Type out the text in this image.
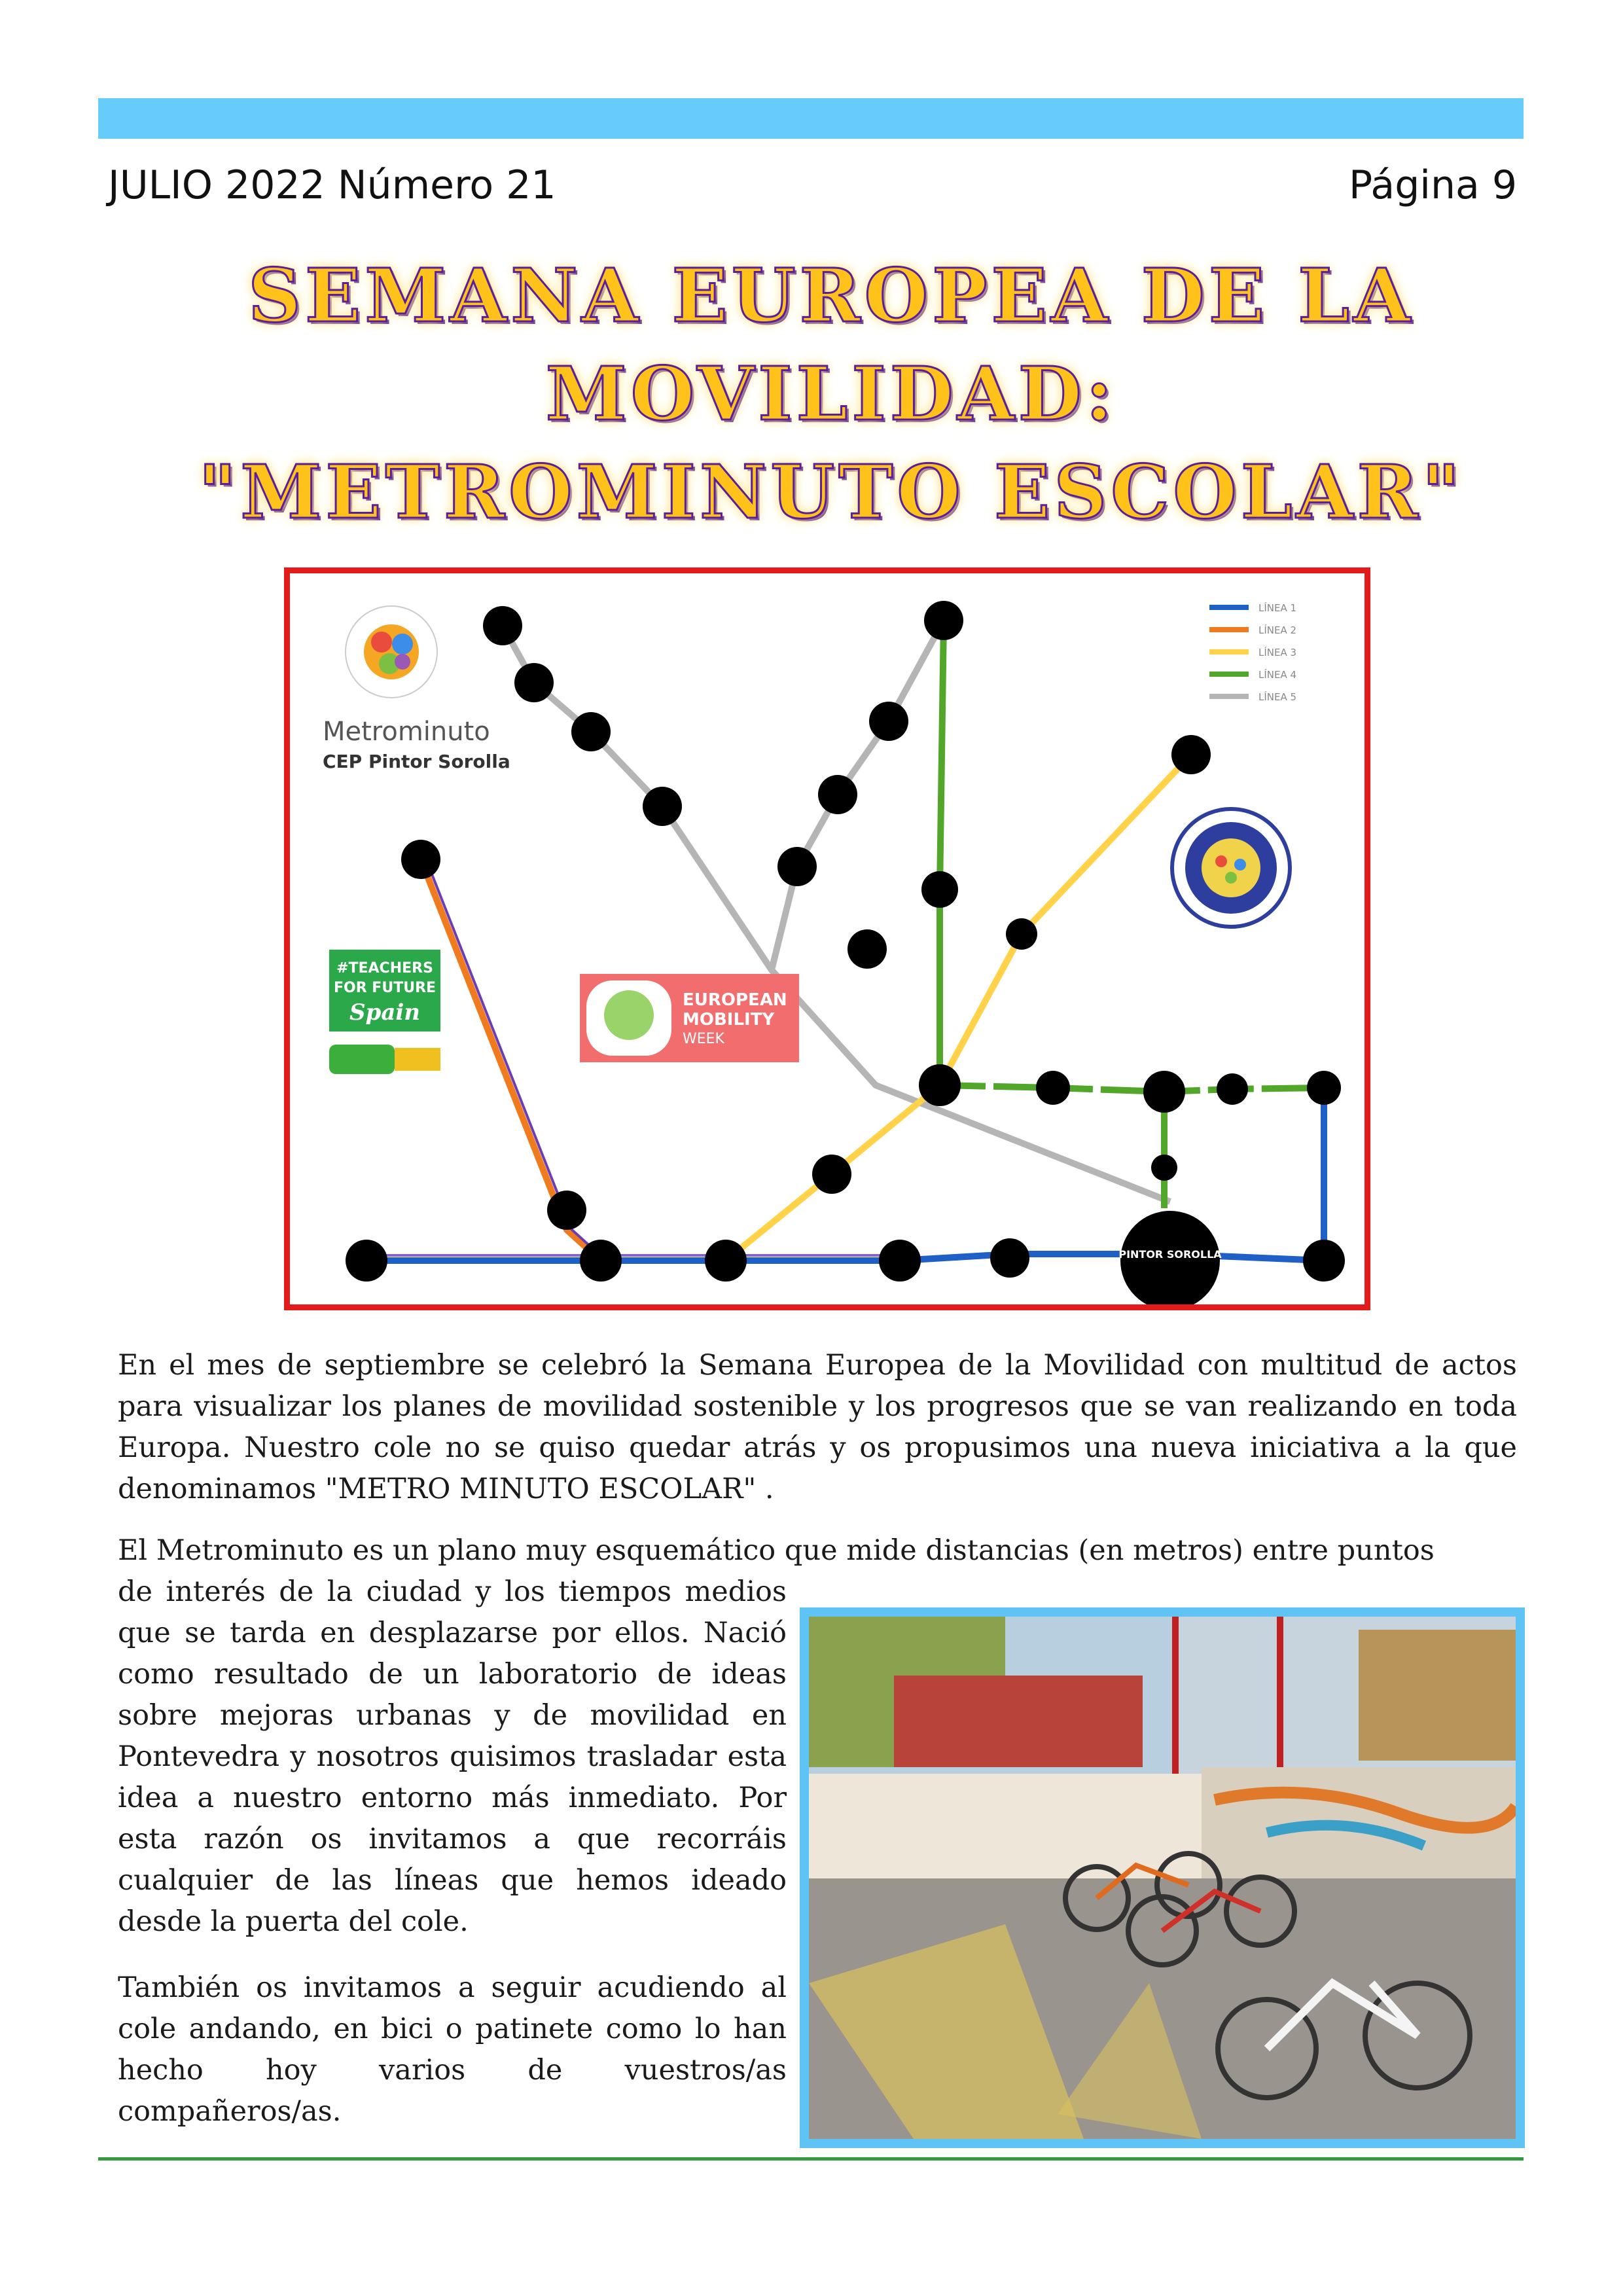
JULIO 2022 Número 21	Página 9
SEMANA EUROPEA DE LA
MOVILIDAD:
"METROMINUTO ESCOLAR"
Metrominuto
CEP Pintor Sorolla
LÍNEA 1
LÍNEA 2
LÍNEA 3
LÍNEA 4
LÍNEA 5
PINTOR SOROLLA
#TEACHERS
FOR FUTURE
Spain	EUROPEAN
MOBILITY
WEEK

En el mes de septiembre se celebró la Semana Europea de la Movilidad con multitud de actos para visualizar los planes de movilidad sostenible y los progresos que se van realizando en toda Europa. Nuestro cole no se quiso quedar atrás y os propusimos una nueva iniciativa a la que denominamos "METRO MINUTO ESCOLAR" .

El Metrominuto es un plano muy esquemático que mide distancias (en metros) entre puntos

de interés de la ciudad y los tiempos medios que se tarda en desplazarse por ellos. Nació como resultado de un laboratorio de ideas sobre mejoras urbanas y de movilidad en Pontevedra y nosotros quisimos trasladar esta idea a nuestro entorno más inmediato. Por esta razón os invitamos a que recorráis cualquier de las líneas que hemos ideado desde la puerta del cole.

También os invitamos a seguir acudiendo al cole andando, en bici o patinete como lo han hecho hoy varios de vuestros/as compañeros/as.
